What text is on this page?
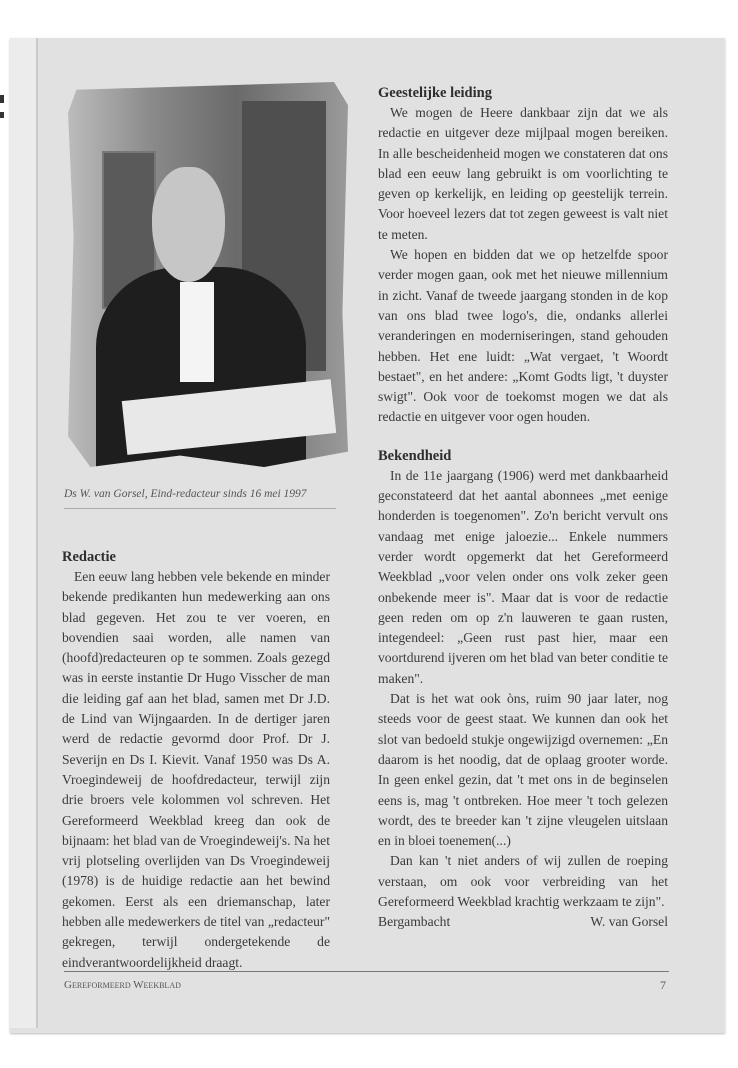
Ds W. van Gorsel, Eind-redacteur sinds 16 mei 1997
Redactie

Een eeuw lang hebben vele bekende en minder bekende predikanten hun medewerking aan ons blad gegeven. Het zou te ver voeren, en bovendien saai worden, alle namen van (hoofd)redacteuren op te sommen. Zoals gezegd was in eerste instantie Dr Hugo Visscher de man die leiding gaf aan het blad, samen met Dr J.D. de Lind van Wijngaarden. In de dertiger jaren werd de redactie gevormd door Prof. Dr J. Severijn en Ds I. Kievit. Vanaf 1950 was Ds A. Vroegindeweij de hoofdredacteur, terwijl zijn drie broers vele kolommen vol schreven. Het Gereformeerd Weekblad kreeg dan ook de bijnaam: het blad van de Vroegindeweij's. Na het vrij plotseling overlijden van Ds Vroegindeweij (1978) is de huidige redactie aan het bewind gekomen. Eerst als een driemanschap, later hebben alle medewerkers de titel van „redacteur" gekregen, terwijl ondergetekende de eindverantwoordelijkheid draagt.

Geestelijke leiding

We mogen de Heere dankbaar zijn dat we als redactie en uitgever deze mijlpaal mogen bereiken. In alle bescheidenheid mogen we constateren dat ons blad een eeuw lang gebruikt is om voorlichting te geven op kerkelijk, en leiding op geestelijk terrein. Voor hoeveel lezers dat tot zegen geweest is valt niet te meten.

We hopen en bidden dat we op hetzelfde spoor verder mogen gaan, ook met het nieuwe millennium in zicht. Vanaf de tweede jaargang stonden in de kop van ons blad twee logo's, die, ondanks allerlei veranderingen en moderniseringen, stand gehouden hebben. Het ene luidt: „Wat vergaet, 't Woordt bestaet", en het andere: „Komt Godts ligt, 't duyster swigt". Ook voor de toekomst mogen we dat als redactie en uitgever voor ogen houden.

Bekendheid

In de 11e jaargang (1906) werd met dankbaarheid geconstateerd dat het aantal abonnees „met eenige honderden is toegenomen". Zo'n bericht vervult ons vandaag met enige jaloezie... Enkele nummers verder wordt opgemerkt dat het Gereformeerd Weekblad „voor velen onder ons volk zeker geen onbekende meer is". Maar dat is voor de redactie geen reden om op z'n lauweren te gaan rusten, integendeel: „Geen rust past hier, maar een voortdurend ijveren om het blad van beter conditie te maken".

Dat is het wat ook òns, ruim 90 jaar later, nog steeds voor de geest staat. We kunnen dan ook het slot van bedoeld stukje ongewijzigd overnemen: „En daarom is het noodig, dat de oplaag grooter worde. In geen enkel gezin, dat 't met ons in de beginselen eens is, mag 't ontbreken. Hoe meer 't toch gelezen wordt, des te breeder kan 't zijne vleugelen uitslaan en in bloei toenemen(...)

Dan kan 't niet anders of wij zullen de roeping verstaan, om ook voor verbreiding van het Gereformeerd Weekblad krachtig werkzaam te zijn".

Bergambacht	W. van Gorsel
Gereformeerd Weekblad	7
